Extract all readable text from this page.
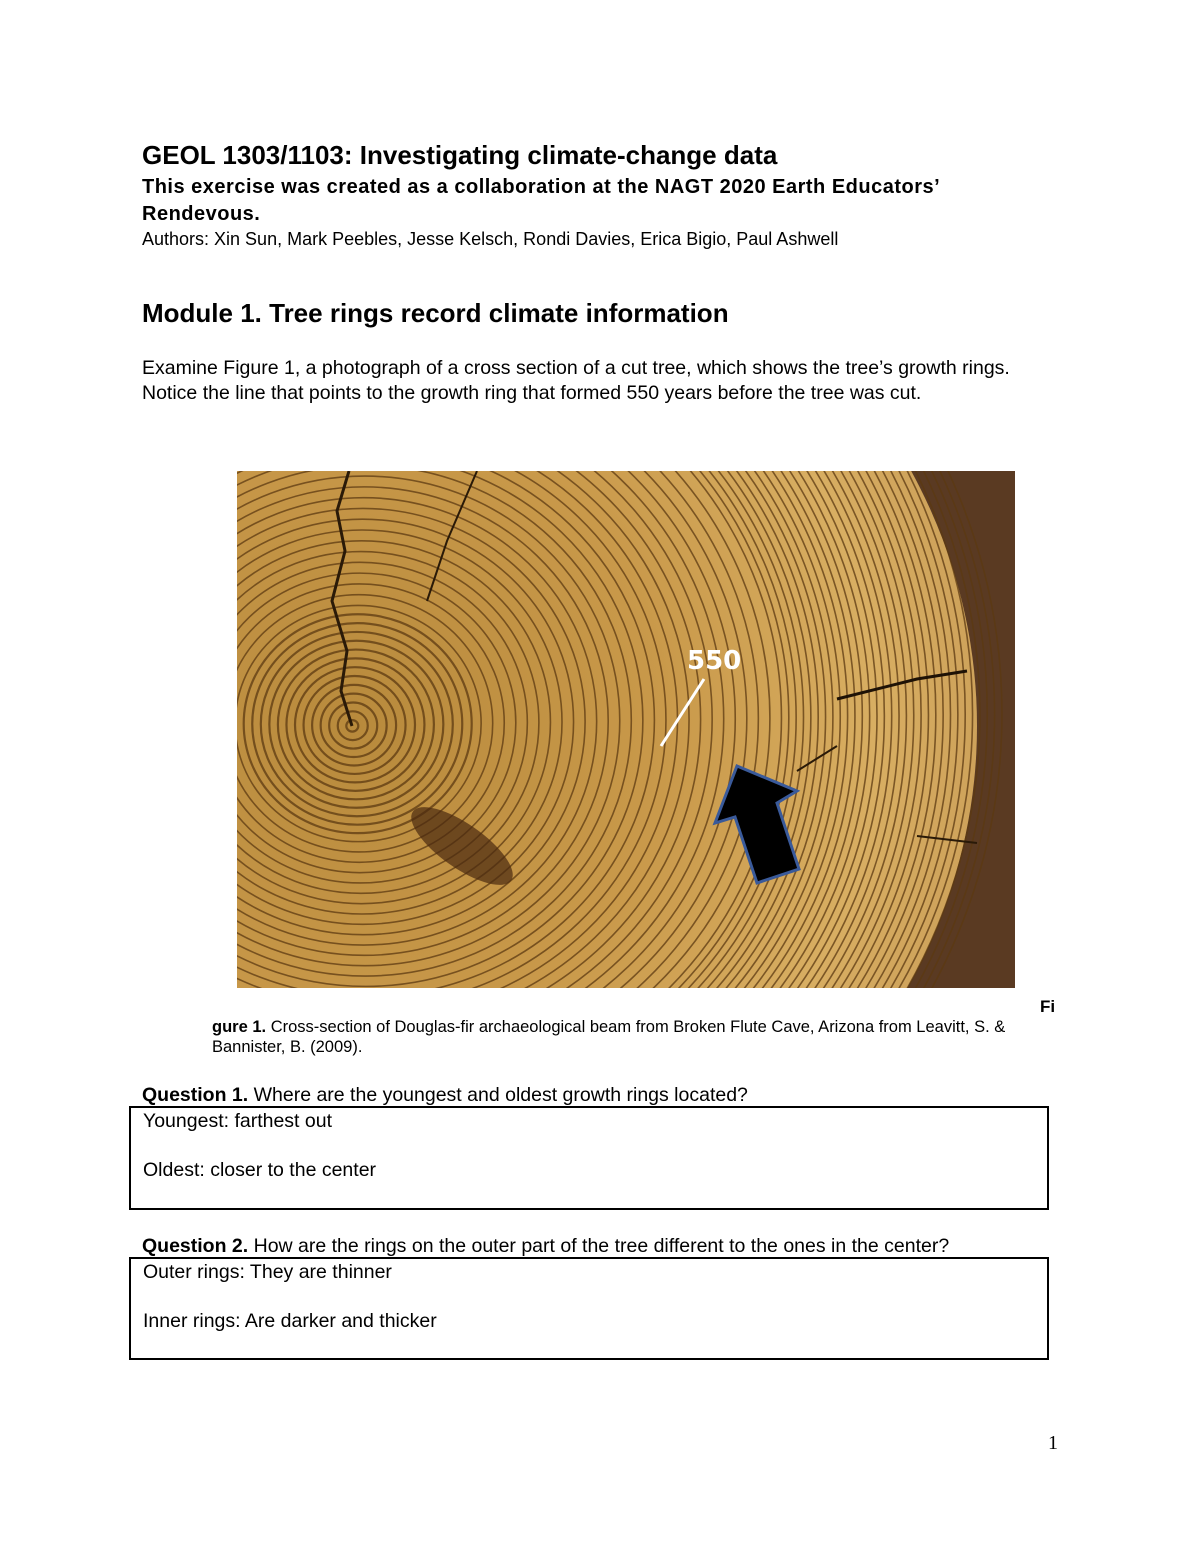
GEOL 1303/1103: Investigating climate-change data
This exercise was created as a collaboration at the NAGT 2020 Earth Educators’ Rendevous.
Authors: Xin Sun, Mark Peebles, Jesse Kelsch, Rondi Davies, Erica Bigio, Paul Ashwell
Module 1. Tree rings record climate information
Examine Figure 1, a photograph of a cross section of a cut tree, which shows the tree’s growth rings. Notice the line that points to the growth ring that formed 550 years before the tree was cut.
550
Fi
gure 1. Cross-section of Douglas-fir archaeological beam from Broken Flute Cave, Arizona from Leavitt, S. & Bannister, B. (2009).
Question 1. Where are the youngest and oldest growth rings located?
Youngest: farthest out
Oldest: closer to the center
Question 2. How are the rings on the outer part of the tree different to the ones in the center?
Outer rings: They are thinner
Inner rings: Are darker and thicker
1
